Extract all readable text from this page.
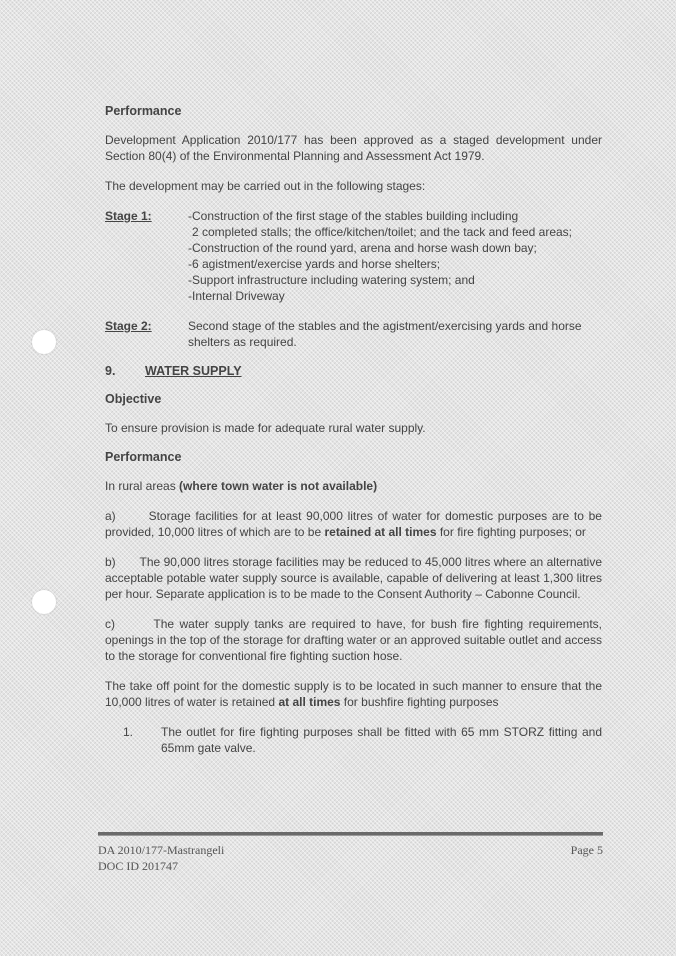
Performance

Development Application 2010/177 has been approved as a staged development under Section 80(4) of the Environmental Planning and Assessment Act 1979.

The development may be carried out in the following stages:

Stage 1:	-Construction of the first stage of the stables building including
2 completed stalls; the office/kitchen/toilet; and the tack and feed areas;
-Construction of the round yard, arena and horse wash down bay;
-6 agistment/exercise yards and horse shelters;
-Support infrastructure including watering system; and
-Internal Driveway
Stage 2:	Second stage of the stables and the agistment/exercising yards and horse shelters as required.
9.	WATER SUPPLY
Objective

To ensure provision is made for adequate rural water supply.

Performance

In rural areas (where town water is not available)

a)	Storage facilities for at least 90,000 litres of water for domestic purposes are to be provided, 10,000 litres of which are to be retained at all times for fire fighting purposes; or

b) The 90,000 litres storage facilities may be reduced to 45,000 litres where an alternative acceptable potable water supply source is available, capable of delivering at least 1,300 litres per hour. Separate application is to be made to the Consent Authority – Cabonne Council.

c)	The water supply tanks are required to have, for bush fire fighting requirements, openings in the top of the storage for drafting water or an approved suitable outlet and access to the storage for conventional fire fighting suction hose.

The take off point for the domestic supply is to be located in such manner to ensure that the 10,000 litres of water is retained at all times for bushfire fighting purposes

1.	The outlet for fire fighting purposes shall be fitted with 65 mm STORZ fitting and 65mm gate valve.
DA 2010/177-Mastrangeli
DOC ID 201747
Page 5
